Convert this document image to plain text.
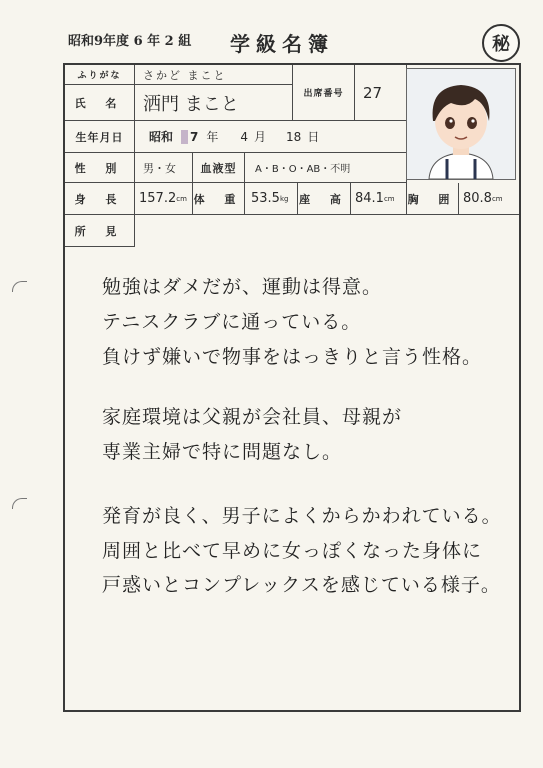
昭和9年度 6 年 2 組 学級名簿	秘
ふりがな	さかど まこと
氏 名	洒門 まこと	出席番号	27
生年月日	昭和 7 年 4 月 18 日
性 別	男・女	血液型	A・B・O・AB・不明
身 長	157.2 cm 体 重 53.5 kg 座 高 84.1 cm 胸 囲 80.8 cm
所 見
勉強はダメだが、運動は得意。
テニスクラブに通っている。
負けず嫌いで物事をはっきりと言う性格。
家庭環境は父親が会社員、母親が
専業主婦で特に問題なし。
発育が良く、男子によくからかわれている。
周囲と比べて早めに女っぽくなった身体に
戸惑いとコンプレックスを感じている様子。
